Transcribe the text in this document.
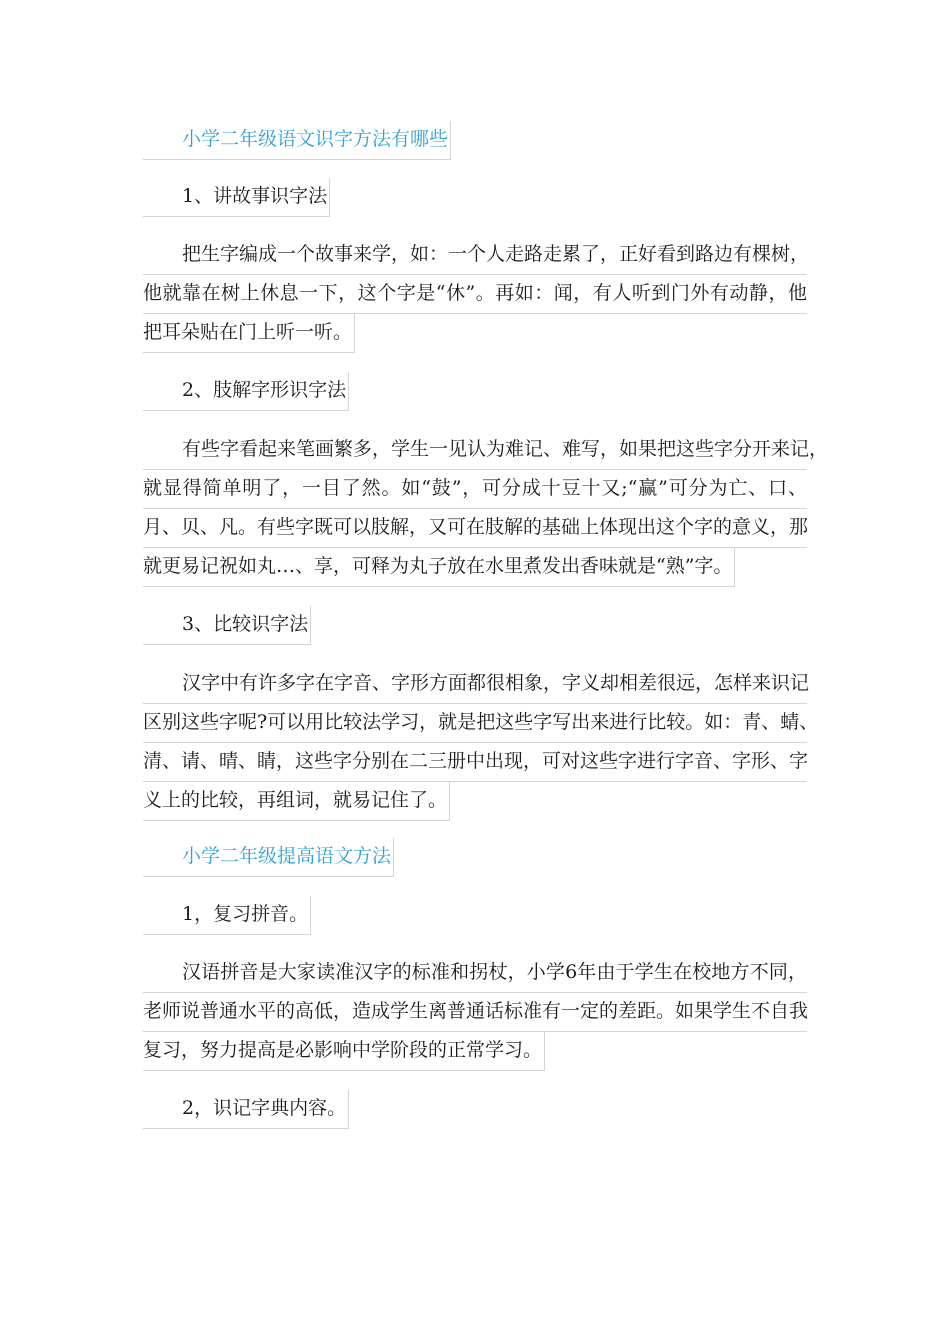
小学二年级语文识字方法有哪些
1、讲故事识字法
把生字编成一个故事来学，如：一个人走路走累了，正好看到路边有棵树，
他就靠在树上休息一下，这个字是“休”。再如：闻，有人听到门外有动静，他
把耳朵贴在门上听一听。
2、肢解字形识字法
有些字看起来笔画繁多，学生一见认为难记、难写，如果把这些字分开来记，
就显得简单明了，一目了然。如“鼓”，可分成十豆十又;“赢”可分为亡、口、
月、贝、凡。有些字既可以肢解，又可在肢解的基础上体现出这个字的意义，那
就更易记祝如丸…、享，可释为丸子放在水里煮发出香味就是“熟”字。
3、比较识字法
汉字中有许多字在字音、字形方面都很相象，字义却相差很远，怎样来识记
区别这些字呢?可以用比较法学习，就是把这些字写出来进行比较。如：青、蜻、
清、请、晴、睛，这些字分别在二三册中出现，可对这些字进行字音、字形、字
义上的比较，再组词，就易记住了。
小学二年级提高语文方法
1，复习拼音。
汉语拼音是大家读准汉字的标准和拐杖，小学6年由于学生在校地方不同，
老师说普通水平的高低，造成学生离普通话标准有一定的差距。如果学生不自我
复习，努力提高是必影响中学阶段的正常学习。
2，识记字典内容。
